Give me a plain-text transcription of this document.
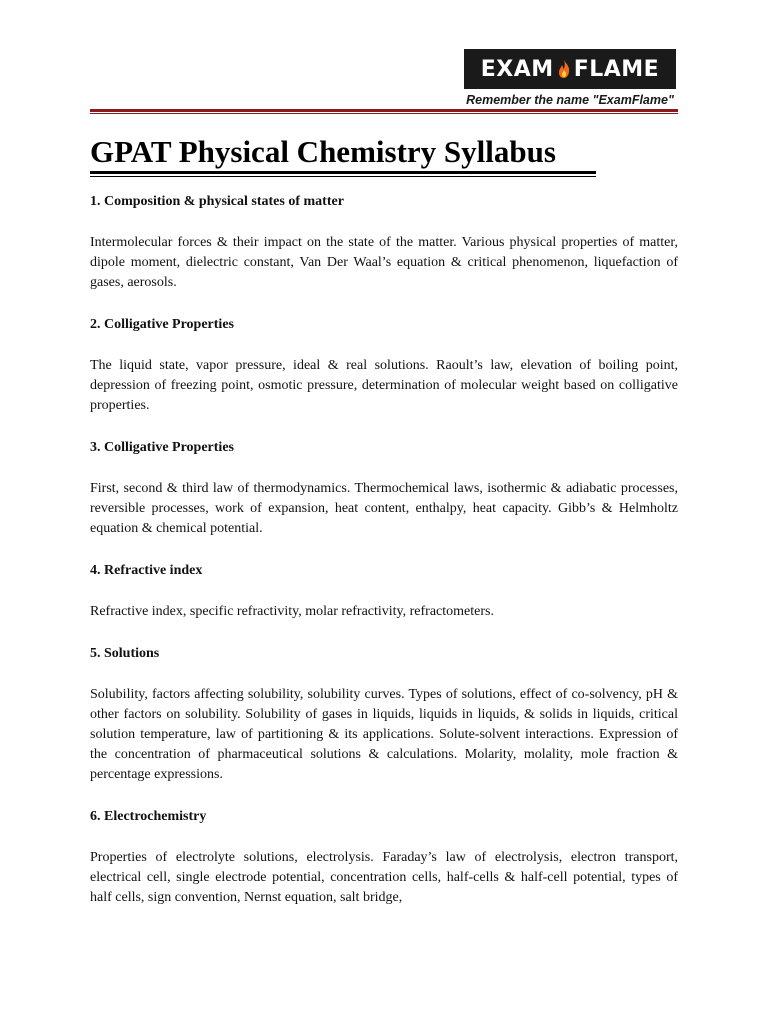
EXAM FLAME
Remember the name "ExamFlame"
GPAT Physical Chemistry Syllabus

1. Composition & physical states of matter

Intermolecular forces & their impact on the state of the matter. Various physical properties of matter, dipole moment, dielectric constant, Van Der Waal’s equation & critical phenomenon, liquefaction of gases, aerosols.

2. Colligative Properties

The liquid state, vapor pressure, ideal & real solutions. Raoult’s law, elevation of boiling point, depression of freezing point, osmotic pressure, determination of molecular weight based on colligative properties.

3. Colligative Properties

First, second & third law of thermodynamics. Thermochemical laws, isothermic & adiabatic processes, reversible processes, work of expansion, heat content, enthalpy, heat capacity. Gibb’s & Helmholtz equation & chemical potential.

4. Refractive index

Refractive index, specific refractivity, molar refractivity, refractometers.

5. Solutions

Solubility, factors affecting solubility, solubility curves. Types of solutions, effect of co-solvency, pH & other factors on solubility. Solubility of gases in liquids, liquids in liquids, & solids in liquids, critical solution temperature, law of partitioning & its applications. Solute-solvent interactions. Expression of the concentration of pharmaceutical solutions & calculations. Molarity, molality, mole fraction & percentage expressions.

6. Electrochemistry

Properties of electrolyte solutions, electrolysis. Faraday’s law of electrolysis, electron transport, electrical cell, single electrode potential, concentration cells, half-cells & half-cell potential, types of half cells, sign convention, Nernst equation, salt bridge,
